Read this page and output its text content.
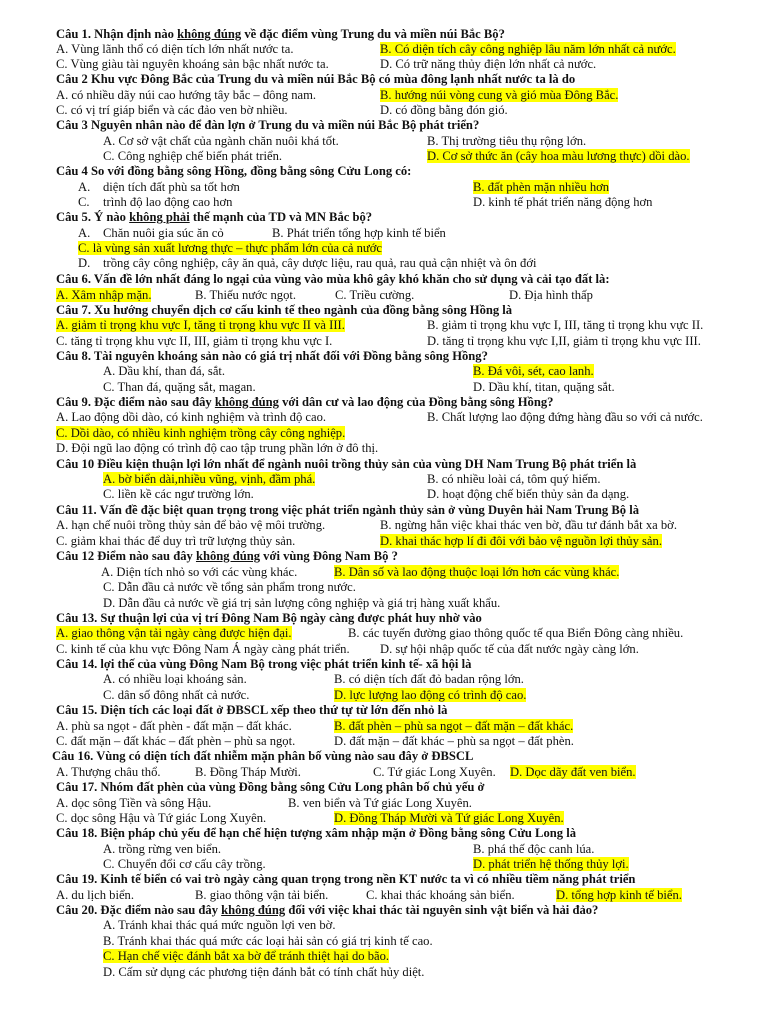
Câu 1. Nhận định nào không đúng về đặc điểm vùng Trung du và miền núi Bắc Bộ?
A. Vùng lãnh thổ có diện tích lớn nhất nước ta.	B. Có diện tích cây công nghiệp lâu năm lớn nhất cả nước.
C. Vùng giàu tài nguyên khoáng sản bậc nhất nước ta.	D. Có trữ năng thủy điện lớn nhất cả nước.
Câu 2 Khu vực Đông Bắc của Trung du và miền núi Bắc Bộ có mùa đông lạnh nhất nước ta là do
A. có nhiều dãy núi cao hướng tây bắc – đông nam.	B. hướng núi vòng cung và gió mùa Đông Bắc.
C. có vị trí giáp biển và các đảo ven bờ nhiều.	D. có đồng bằng đón gió.
Câu 3 Nguyên nhân nào để đàn lợn ở Trung du và miền núi Bắc Bộ phát triển?
A. Cơ sở vật chất của ngành chăn nuôi khá tốt.	B. Thị trường tiêu thụ rộng lớn.
C. Công nghiệp chế biến phát triển.	D. Cơ sở thức ăn (cây hoa màu lương thực) dồi dào.
Câu 4 So với đồng bằng sông Hồng, đồng bằng sông Cửu Long có:
A. diện tích đất phù sa tốt hơn	B. đất phèn mặn nhiều hơn
C. trình độ lao động cao hơn	D. kinh tế phát triển năng động hơn
Câu 5. Ý nào không phải thế mạnh của TD và MN Bắc bộ?
A. Chăn nuôi gia súc ăn cỏ	B. Phát triển tổng hợp kinh tế biển
C. là vùng sản xuất lương thực – thực phẩm lớn của cả nước
D. trồng cây công nghiệp, cây ăn quả, cây dược liệu, rau quả, rau quả cận nhiệt và ôn đới
Câu 6. Vấn đề lớn nhất đáng lo ngại của vùng vào mùa khô gây khó khăn cho sử dụng và cải tạo đất là:
A. Xâm nhập mặn.	B. Thiếu nước ngọt.	C. Triều cường.	D. Địa hình thấp
Câu 7. Xu hướng chuyển dịch cơ cấu kinh tế theo ngành của đồng bằng sông Hồng là
A. giảm tỉ trọng khu vực I, tăng tỉ trọng khu vực II và III.	B. giảm tỉ trọng khu vực I, III, tăng tỉ trọng khu vực II.
C. tăng tỉ trọng khu vực II, III, giảm tỉ trọng khu vực I.	D. tăng tỉ trọng khu vực I,II, giảm tỉ trọng khu vực III.
Câu 8. Tài nguyên khoáng sản nào có giá trị nhất đối với Đồng bằng sông Hồng?
A. Dầu khí, than đá, sắt.	B. Đá vôi, sét, cao lanh.
C. Than đá, quặng sắt, magan.	D. Dầu khí, titan, quặng sắt.
Câu 9. Đặc điểm nào sau đây không đúng với dân cư và lao động của Đồng bằng sông Hồng?
A. Lao động dồi dào, có kinh nghiệm và trình độ cao.	B. Chất lượng lao động đứng hàng đầu so với cả nước.
C. Dồi dào, có nhiều kinh nghiệm trồng cây công nghiệp.
D. Đội ngũ lao động có trình độ cao tập trung phần lớn ở đô thị.
Câu 10 Điều kiện thuận lợi lớn nhất để ngành nuôi trồng thủy sản của vùng DH Nam Trung Bộ phát triển là
A. bờ biển dài,nhiều vũng, vịnh, đầm phá.	B. có nhiều loài cá, tôm quý hiếm.
C. liền kề các ngư trường lớn.	D. hoạt động chế biến thủy sản đa dạng.
Câu 11. Vấn đề đặc biệt quan trọng trong việc phát triển ngành thủy sản ở vùng Duyên hải Nam Trung Bộ là
A. hạn chế nuôi trồng thủy sản để bảo vệ môi trường.	B. ngừng hẳn việc khai thác ven bờ, đầu tư đánh bắt xa bờ.
C. giảm khai thác để duy trì trữ lượng thủy sản.	D. khai thác hợp lí đi đôi với bảo vệ nguồn lợi thủy sản.
Câu 12 Điểm nào sau đây không đúng với vùng Đông Nam Bộ ?
A. Diện tích nhỏ so với các vùng khác.	B. Dân số và lao động thuộc loại lớn hơn các vùng khác.
C. Dẫn đầu cả nước về tổng sản phẩm trong nước.
D. Dẫn đầu cả nước về giá trị sản lượng công nghiệp và giá trị hàng xuất khẩu.
Câu 13. Sự thuận lợi của vị trí Đông Nam Bộ ngày càng được phát huy nhờ vào
A. giao thông vận tải ngày càng được hiện đại.	B. các tuyến đường giao thông quốc tế qua Biển Đông càng nhiều.
C. kinh tế của khu vực Đông Nam Á ngày càng phát triển. D. sự hội nhập quốc tế của đất nước ngày càng lớn.
Câu 14. lợi thế của vùng Đông Nam Bộ trong việc phát triển kinh tế- xã hội là
A. có nhiều loại khoáng sản.	B. có diện tích đất đỏ badan rộng lớn.
C. dân số đông nhất cả nước.	D. lực lượng lao động có trình độ cao.
Câu 15. Diện tích các loại đất ở ĐBSCL xếp theo thứ tự từ lớn đến nhỏ là
A. phù sa ngọt - đất phèn - đất mặn – đất khác.	B. đất phèn – phù sa ngọt – đất mặn – đất khác.
C. đất mặn – đất khác – đất phèn – phù sa ngọt.	D. đất mặn – đất khác – phù sa ngọt – đất phèn.
Câu 16. Vùng có diện tích đất nhiễm mặn phân bố vùng nào sau đây ở ĐBSCL
A. Thượng châu thổ.	B. Đồng Tháp Mười.	C. Tứ giác Long Xuyên. D. Dọc dãy đất ven biển.
Câu 17. Nhóm đất phèn của vùng Đồng bằng sông Cửu Long phân bố chủ yếu ở
A. dọc sông Tiền và sông Hậu.	B. ven biển và Tứ giác Long Xuyên.
C. dọc sông Hậu và Tứ giác Long Xuyên.	D. Đồng Tháp Mười và Tứ giác Long Xuyên.
Câu 18. Biện pháp chủ yếu để hạn chế hiện tượng xâm nhập mặn ở Đồng bằng sông Cửu Long là
A. trồng rừng ven biển.	B. phá thế độc canh lúa.
C. Chuyển đổi cơ cấu cây trồng.	D. phát triển hệ thống thủy lợi.
Câu 19. Kinh tế biển có vai trò ngày càng quan trọng trong nền KT nước ta vì có nhiều tiềm năng phát triển
A. du lịch biển.	B. giao thông vận tải biển.	C. khai thác khoáng sản biển.	D. tổng hợp kinh tế biển.
Câu 20. Đặc điểm nào sau đây không đúng đối với việc khai thác tài nguyên sinh vật biển và hải đảo?
A. Tránh khai thác quá mức nguồn lợi ven bờ.
B. Tránh khai thác quá mức các loại hải sản có giá trị kinh tế cao.
C. Hạn chế việc đánh bắt xa bờ để tránh thiệt hại do bão.
D. Cấm sử dụng các phương tiện đánh bắt có tính chất hủy diệt.
